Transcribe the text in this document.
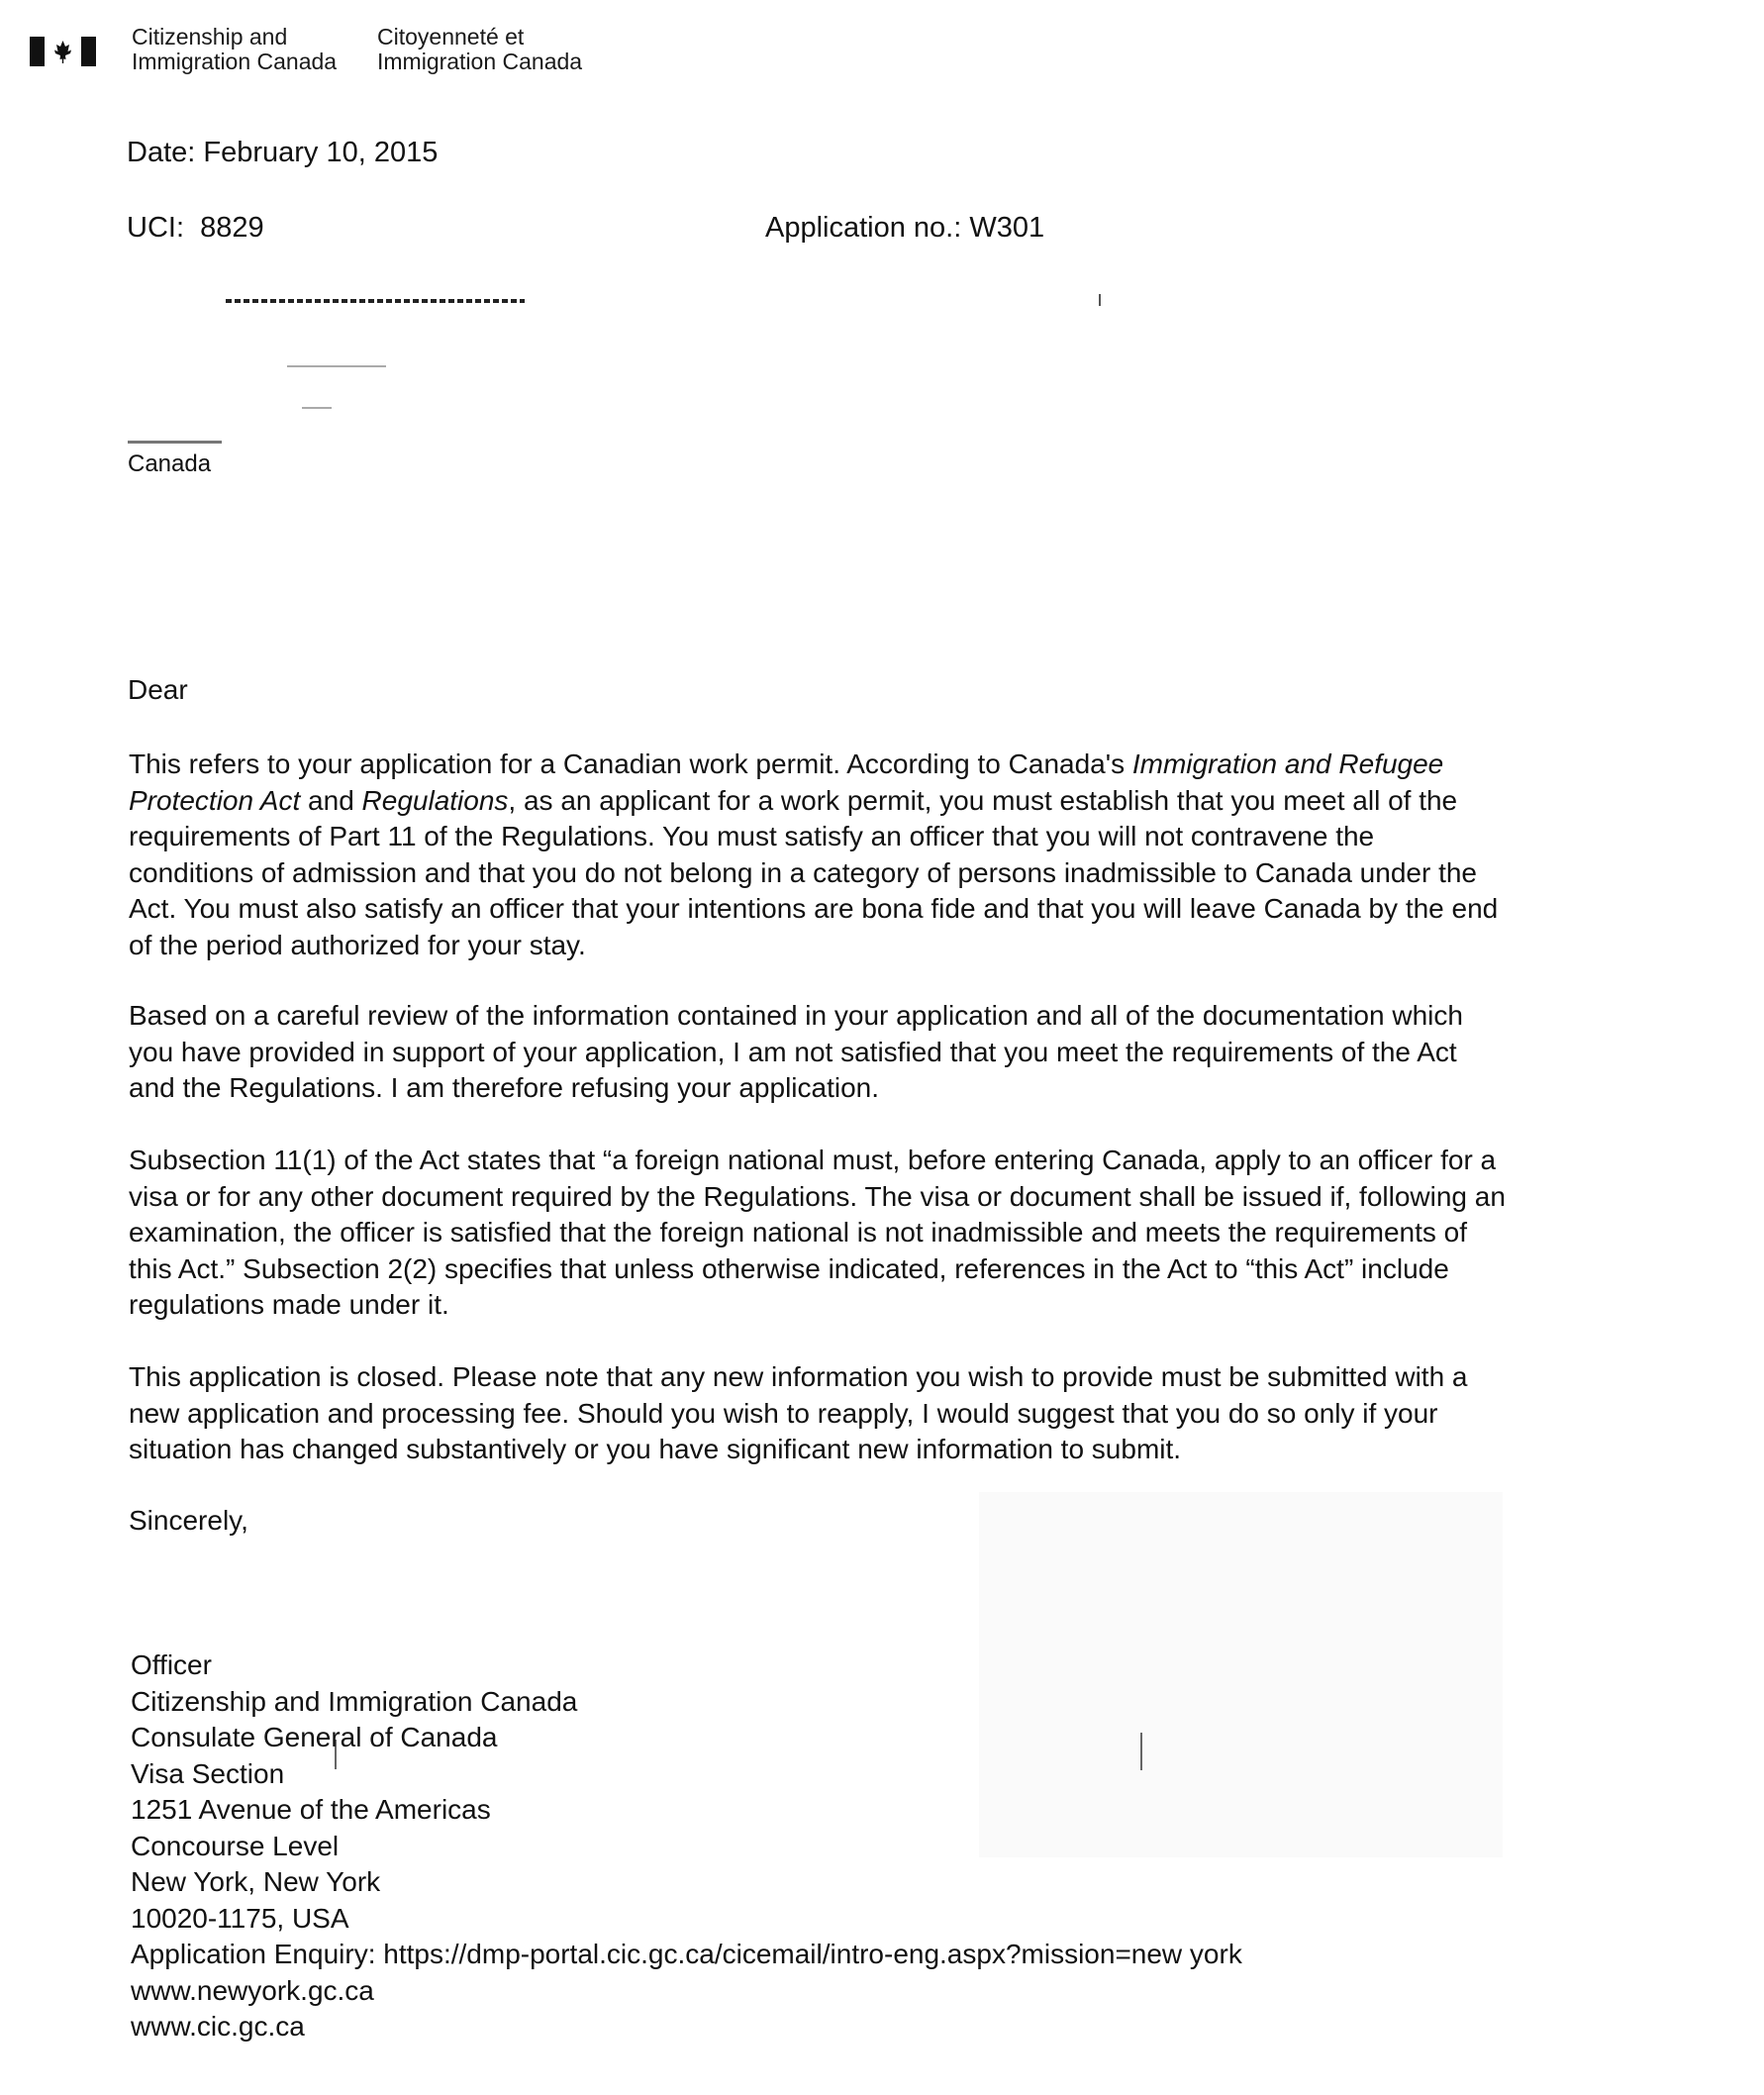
Citizenship and
Immigration Canada
Citoyenneté et
Immigration Canada
Date: February 10, 2015
UCI: 8829	Application no.: W301
Canada
Dear
This refers to your application for a Canadian work permit. According to Canada's Immigration and Refugee
Protection Act and Regulations, as an applicant for a work permit, you must establish that you meet all of the
requirements of Part 11 of the Regulations. You must satisfy an officer that you will not contravene the
conditions of admission and that you do not belong in a category of persons inadmissible to Canada under the
Act. You must also satisfy an officer that your intentions are bona fide and that you will leave Canada by the end
of the period authorized for your stay.
Based on a careful review of the information contained in your application and all of the documentation which
you have provided in support of your application, I am not satisfied that you meet the requirements of the Act
and the Regulations. I am therefore refusing your application.
Subsection 11(1) of the Act states that “a foreign national must, before entering Canada, apply to an officer for a
visa or for any other document required by the Regulations. The visa or document shall be issued if, following an
examination, the officer is satisfied that the foreign national is not inadmissible and meets the requirements of
this Act.” Subsection 2(2) specifies that unless otherwise indicated, references in the Act to “this Act” include
regulations made under it.
This application is closed. Please note that any new information you wish to provide must be submitted with a
new application and processing fee. Should you wish to reapply, I would suggest that you do so only if your
situation has changed substantively or you have significant new information to submit.
Sincerely,
Officer
Citizenship and Immigration Canada
Consulate General of Canada
Visa Section
1251 Avenue of the Americas
Concourse Level
New York, New York
10020-1175, USA
Application Enquiry: https://dmp-portal.cic.gc.ca/cicemail/intro-eng.aspx?mission=new york
www.newyork.gc.ca
www.cic.gc.ca
